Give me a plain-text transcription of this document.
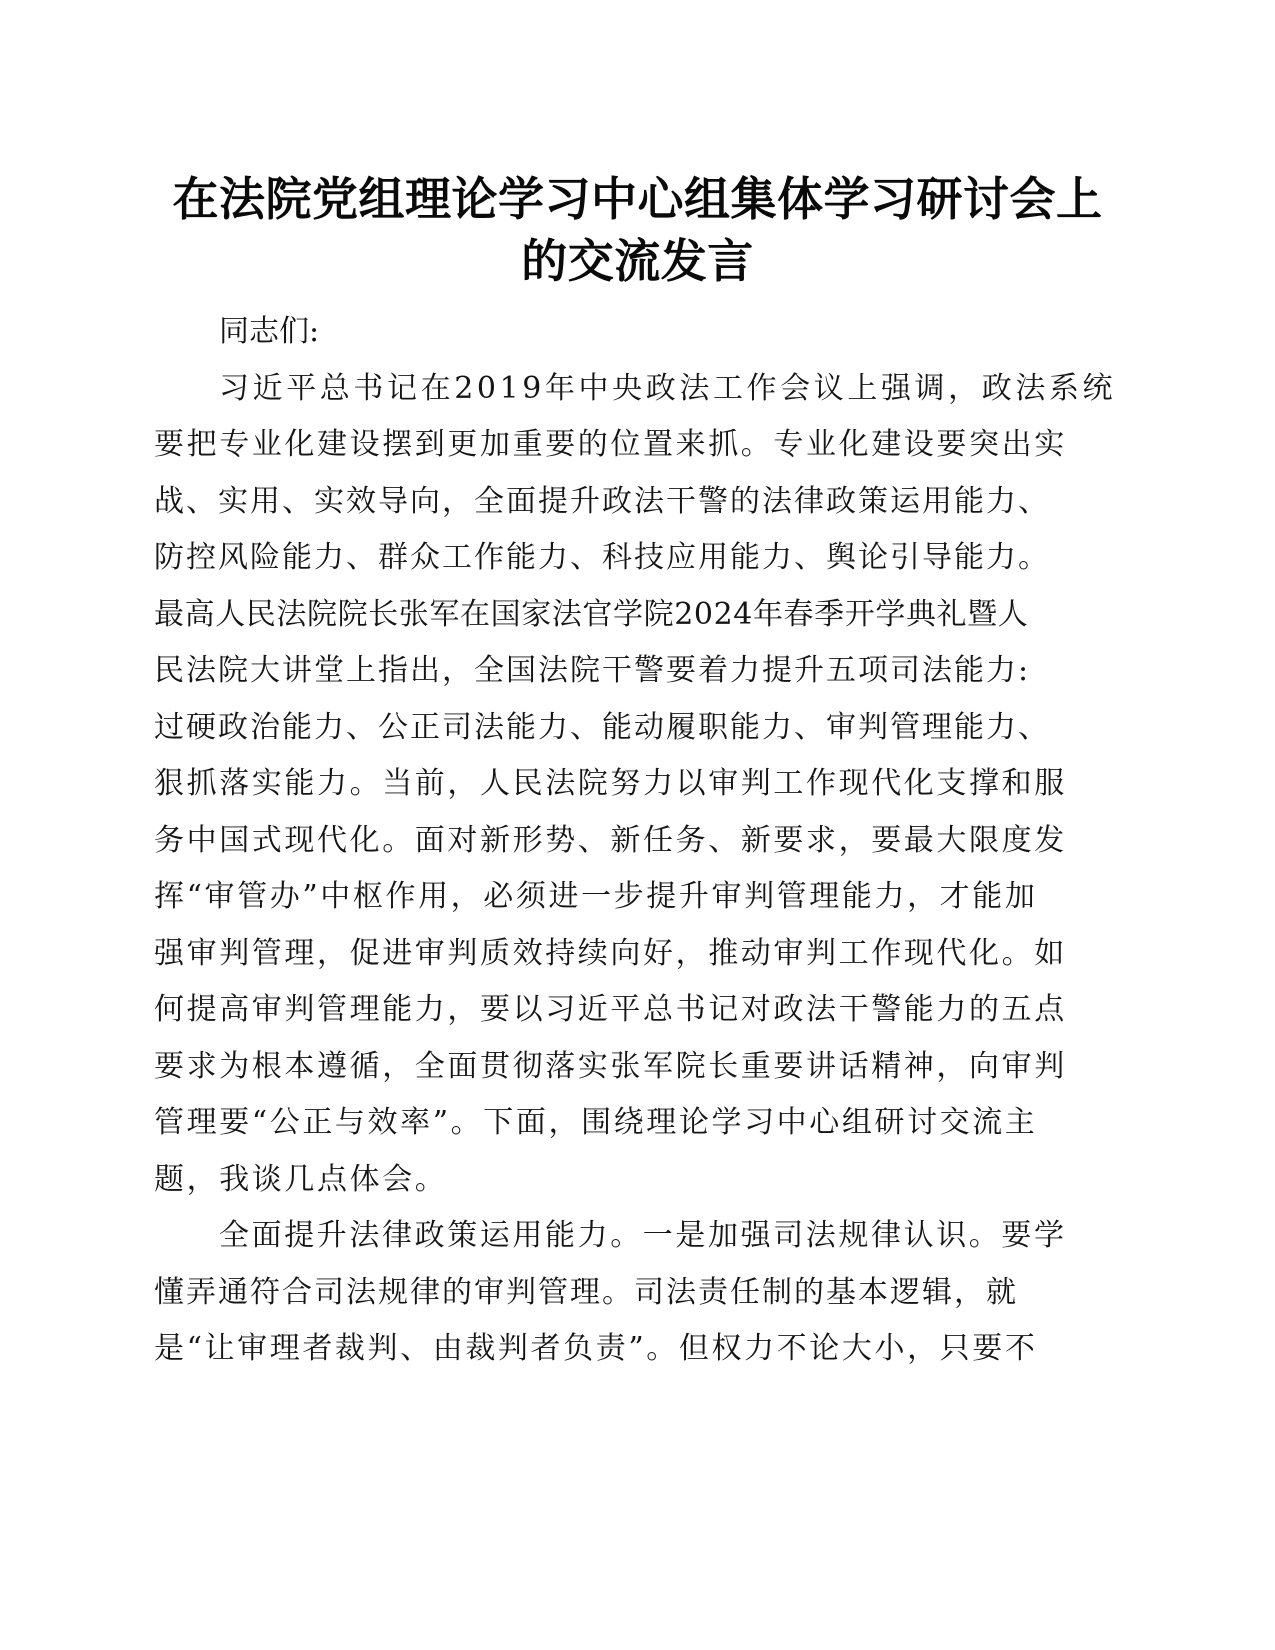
在法院党组理论学习中心组集体学习研讨会上
的交流发言

同志们:

习近平总书记在2019年中央政法工作会议上强调，政法系统

要把专业化建设摆到更加重要的位置来抓。专业化建设要突出实

战、实用、实效导向，全面提升政法干警的法律政策运用能力、

防控风险能力、群众工作能力、科技应用能力、舆论引导能力。

最高人民法院院长张军在国家法官学院2024年春季开学典礼暨人

民法院大讲堂上指出，全国法院干警要着力提升五项司法能力:

过硬政治能力、公正司法能力、能动履职能力、审判管理能力、

狠抓落实能力。当前，人民法院努力以审判工作现代化支撑和服

务中国式现代化。面对新形势、新任务、新要求，要最大限度发

挥“审管办”中枢作用，必须进一步提升审判管理能力，才能加

强审判管理，促进审判质效持续向好，推动审判工作现代化。如

何提高审判管理能力，要以习近平总书记对政法干警能力的五点

要求为根本遵循，全面贯彻落实张军院长重要讲话精神，向审判

管理要“公正与效率”。下面，围绕理论学习中心组研讨交流主

题，我谈几点体会。

全面提升法律政策运用能力。一是加强司法规律认识。要学

懂弄通符合司法规律的审判管理。司法责任制的基本逻辑，就

是“让审理者裁判、由裁判者负责”。但权力不论大小，只要不
